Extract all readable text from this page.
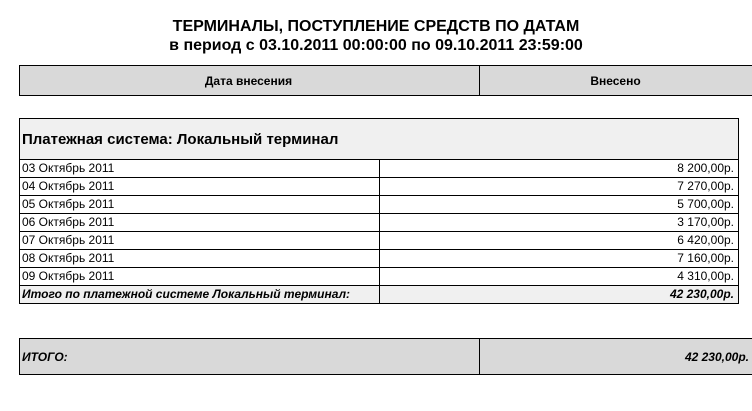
ТЕРМИНАЛЫ, ПОСТУПЛЕНИЕ СРЕДСТВ ПО ДАТАМ
в период с 03.10.2011 00:00:00 по 09.10.2011 23:59:00
Дата внесения	Внесено
Платежная система: Локальный терминал	
03 Октябрь 2011	8 200,00р.
04 Октябрь 2011	7 270,00р.
05 Октябрь 2011	5 700,00р.
06 Октябрь 2011	3 170,00р.
07 Октябрь 2011	6 420,00р.
08 Октябрь 2011	7 160,00р.
09 Октябрь 2011	4 310,00р.
Итого по платежной системе Локальный терминал:	42 230,00р.
ИТОГО:	42 230,00р.
